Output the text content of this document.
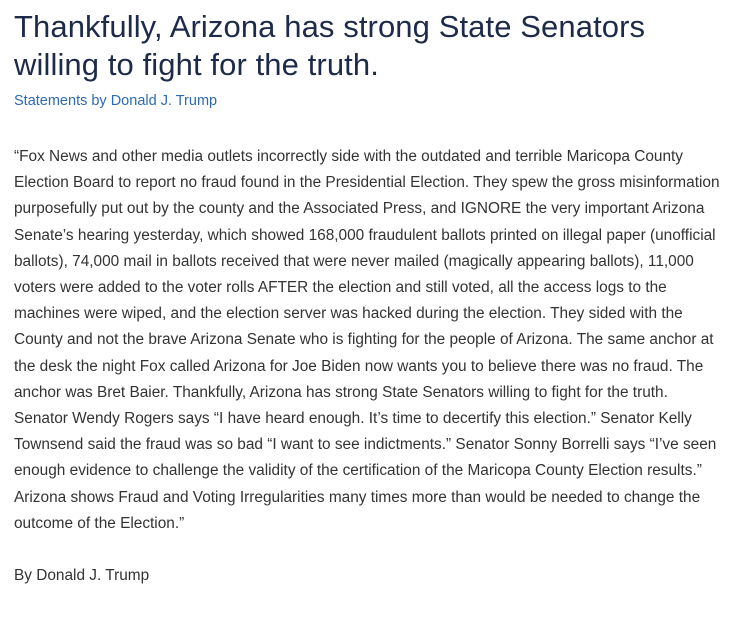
Thankfully, Arizona has strong State Senators willing to fight for the truth.
Statements by Donald J. Trump

“Fox News and other media outlets incorrectly side with the outdated and terrible Maricopa County Election Board to report no fraud found in the Presidential Election. They spew the gross misinformation purposefully put out by the county and the Associated Press, and IGNORE the very important Arizona Senate’s hearing yesterday, which showed 168,000 fraudulent ballots printed on illegal paper (unofficial ballots), 74,000 mail in ballots received that were never mailed (magically appearing ballots), 11,000 voters were added to the voter rolls AFTER the election and still voted, all the access logs to the machines were wiped, and the election server was hacked during the election. They sided with the County and not the brave Arizona Senate who is fighting for the people of Arizona. The same anchor at the desk the night Fox called Arizona for Joe Biden now wants you to believe there was no fraud. The anchor was Bret Baier. Thankfully, Arizona has strong State Senators willing to fight for the truth. Senator Wendy Rogers says “I have heard enough. It’s time to decertify this election.” Senator Kelly Townsend said the fraud was so bad “I want to see indictments.” Senator Sonny Borrelli says “I’ve seen enough evidence to challenge the validity of the certification of the Maricopa County Election results.” Arizona shows Fraud and Voting Irregularities many times more than would be needed to change the outcome of the Election.”

By Donald J. Trump
